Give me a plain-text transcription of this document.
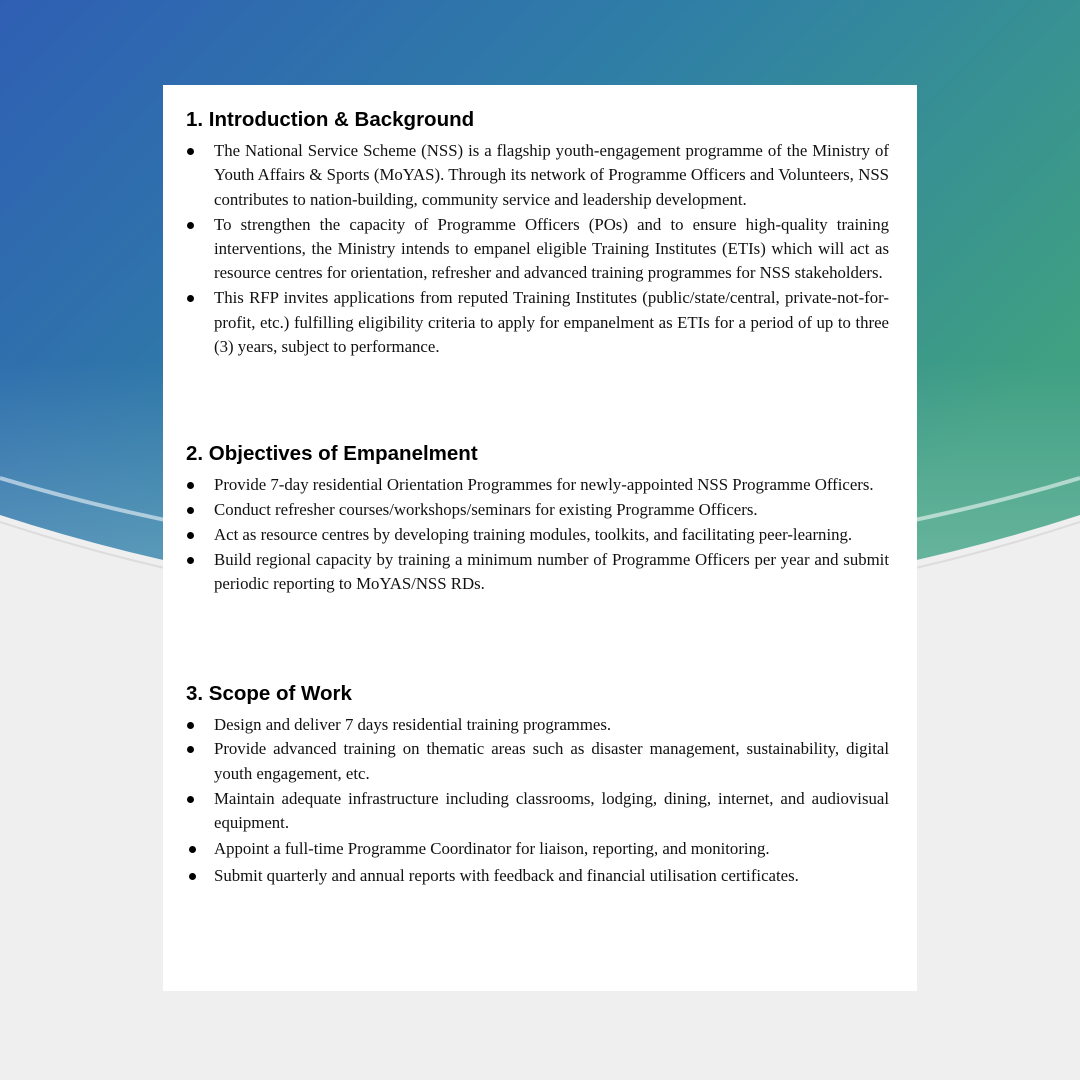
1. Introduction & Background
The National Service Scheme (NSS) is a flagship youth-engagement programme of the Ministry of Youth Affairs & Sports (MoYAS). Through its network of Programme Officers and Volunteers, NSS contributes to nation-building, community service and leadership development.
To strengthen the capacity of Programme Officers (POs) and to ensure high-quality training interventions, the Ministry intends to empanel eligible Training Institutes (ETIs) which will act as resource centres for orientation, refresher and advanced training programmes for NSS stakeholders.
This RFP invites applications from reputed Training Institutes (public/state/central, private-not-for-profit, etc.) fulfilling eligibility criteria to apply for empanelment as ETIs for a period of up to three (3) years, subject to performance.
2. Objectives of Empanelment
Provide 7-day residential Orientation Programmes for newly-appointed NSS Programme Officers.
Conduct refresher courses/workshops/seminars for existing Programme Officers.
Act as resource centres by developing training modules, toolkits, and facilitating peer-learning.
Build regional capacity by training a minimum number of Programme Officers per year and submit periodic reporting to MoYAS/NSS RDs.
3. Scope of Work
Design and deliver 7 days residential training programmes.
Provide advanced training on thematic areas such as disaster management, sustainability, digital youth engagement, etc.
Maintain adequate infrastructure including classrooms, lodging, dining, internet, and audiovisual equipment.
Appoint a full-time Programme Coordinator for liaison, reporting, and monitoring.
Submit quarterly and annual reports with feedback and financial utilisation certificates.
